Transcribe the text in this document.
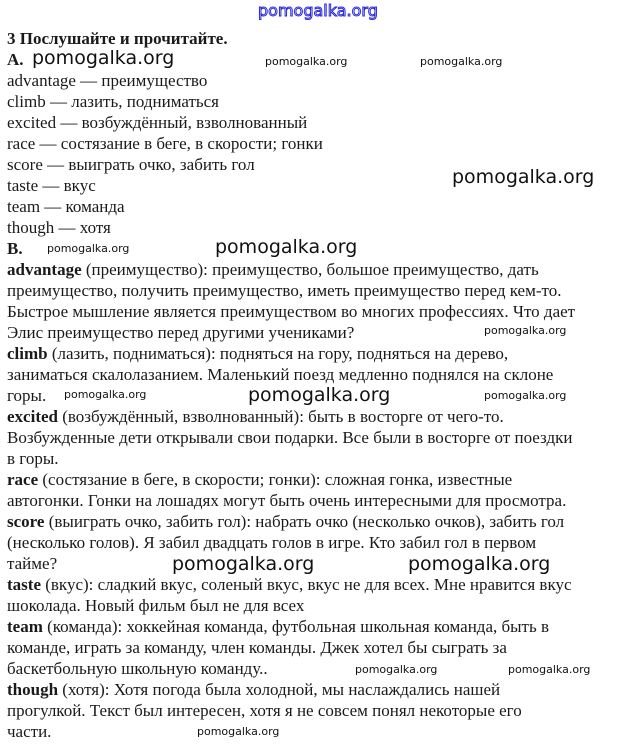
pomogalka.org
3 Послушайте и прочитайте.
A.
advantage — преимущество
climb — лазить, подниматься
excited — возбуждённый, взволнованный
race — состязание в беге, в скорости; гонки
score — выиграть очко, забить гол
taste — вкус
team — команда
though — хотя
B.
advantage (преимущество): преимущество, большое преимущество, дать
преимущество, получить преимущество, иметь преимущество перед кем-то.
Быстрое мышление является преимуществом во многих профессиях. Что дает
Элис преимущество перед другими учениками?
climb (лазить, подниматься): подняться на гору, подняться на дерево,
заниматься скалолазанием. Маленький поезд медленно поднялся на склоне
горы.
excited (возбуждённый, взволнованный): быть в восторге от чего-то.
Возбужденные дети открывали свои подарки. Все были в восторге от поездки
в горы.
race (состязание в беге, в скорости; гонки): сложная гонка, известные
автогонки. Гонки на лошадях могут быть очень интересными для просмотра.
score (выиграть очко, забить гол): набрать очко (несколько очков), забить гол
(несколько голов). Я забил двадцать голов в игре. Кто забил гол в первом
тайме?
taste (вкус): сладкий вкус, соленый вкус, вкус не для всех. Мне нравится вкус
шоколада. Новый фильм был не для всех
team (команда): хоккейная команда, футбольная школьная команда, быть в
команде, играть за команду, член команды. Джек хотел бы сыграть за
баскетбольную школьную команду..
though (хотя): Хотя погода была холодной, мы наслаждались нашей
прогулкой. Текст был интересен, хотя я не совсем понял некоторые его
части.
pomogalka.org	pomogalka.org	pomogalka.org
pomogalka.org
pomogalka.org	pomogalka.org
pomogalka.org
pomogalka.org
pomogalka.org	pomogalka.org
pomogalka.org	pomogalka.org
pomogalka.org	pomogalka.org
pomogalka.org
